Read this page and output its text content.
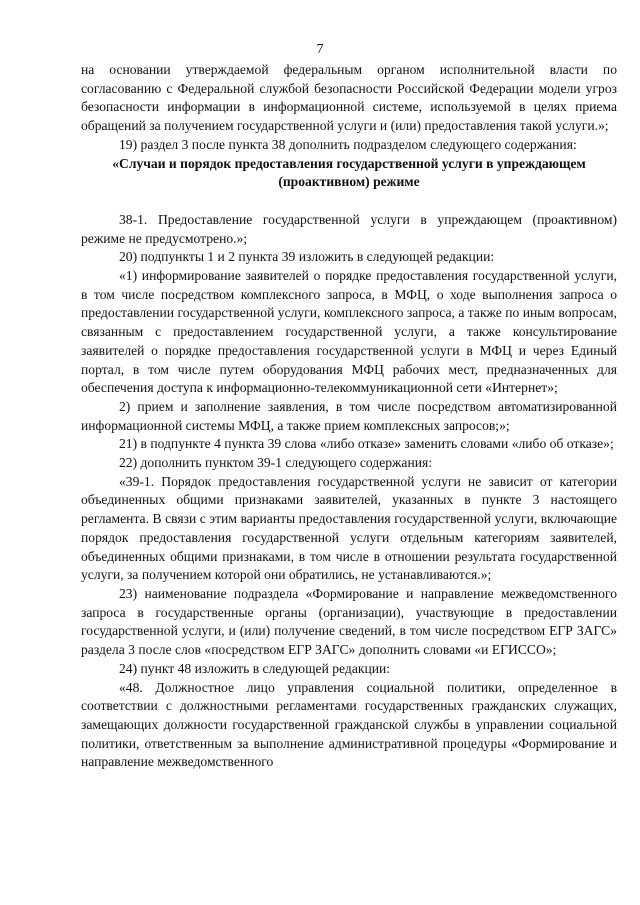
7

на основании утверждаемой федеральным органом исполнительной власти по согласованию с Федеральной службой безопасности Российской Федерации модели угроз безопасности информации в информационной системе, используемой в целях приема обращений за получением государственной услуги и (или) предоставления такой услуги.»;

19) раздел 3 после пункта 38 дополнить подразделом следующего содержания:

«Случаи и порядок предоставления государственной услуги в упреждающем (проактивном) режиме

38-1. Предоставление государственной услуги в упреждающем (проактивном) режиме не предусмотрено.»;

20) подпункты 1 и 2 пункта 39 изложить в следующей редакции:

«1) информирование заявителей о порядке предоставления государственной услуги, в том числе посредством комплексного запроса, в МФЦ, о ходе выполнения запроса о предоставлении государственной услуги, комплексного запроса, а также по иным вопросам, связанным с предоставлением государственной услуги, а также консультирование заявителей о порядке предоставления государственной услуги в МФЦ и через Единый портал, в том числе путем оборудования МФЦ рабочих мест, предназначенных для обеспечения доступа к информационно-телекоммуникационной сети «Интернет»;

2) прием и заполнение заявления, в том числе посредством автоматизированной информационной системы МФЦ, а также прием комплексных запросов;»;

21) в подпункте 4 пункта 39 слова «либо отказе» заменить словами «либо об отказе»;

22) дополнить пунктом 39-1 следующего содержания:

«39-1. Порядок предоставления государственной услуги не зависит от категории объединенных общими признаками заявителей, указанных в пункте 3 настоящего регламента. В связи с этим варианты предоставления государственной услуги, включающие порядок предоставления государственной услуги отдельным категориям заявителей, объединенных общими признаками, в том числе в отношении результата государственной услуги, за получением которой они обратились, не устанавливаются.»;

23) наименование подраздела «Формирование и направление межведомственного запроса в государственные органы (организации), участвующие в предоставлении государственной услуги, и (или) получение сведений, в том числе посредством ЕГР ЗАГС» раздела 3 после слов «посредством ЕГР ЗАГС» дополнить словами «и ЕГИССО»;

24) пункт 48 изложить в следующей редакции:

«48. Должностное лицо управления социальной политики, определенное в соответствии с должностными регламентами государственных гражданских служащих, замещающих должности государственной гражданской службы в управлении социальной политики, ответственным за выполнение административной процедуры «Формирование и направление межведомственного
